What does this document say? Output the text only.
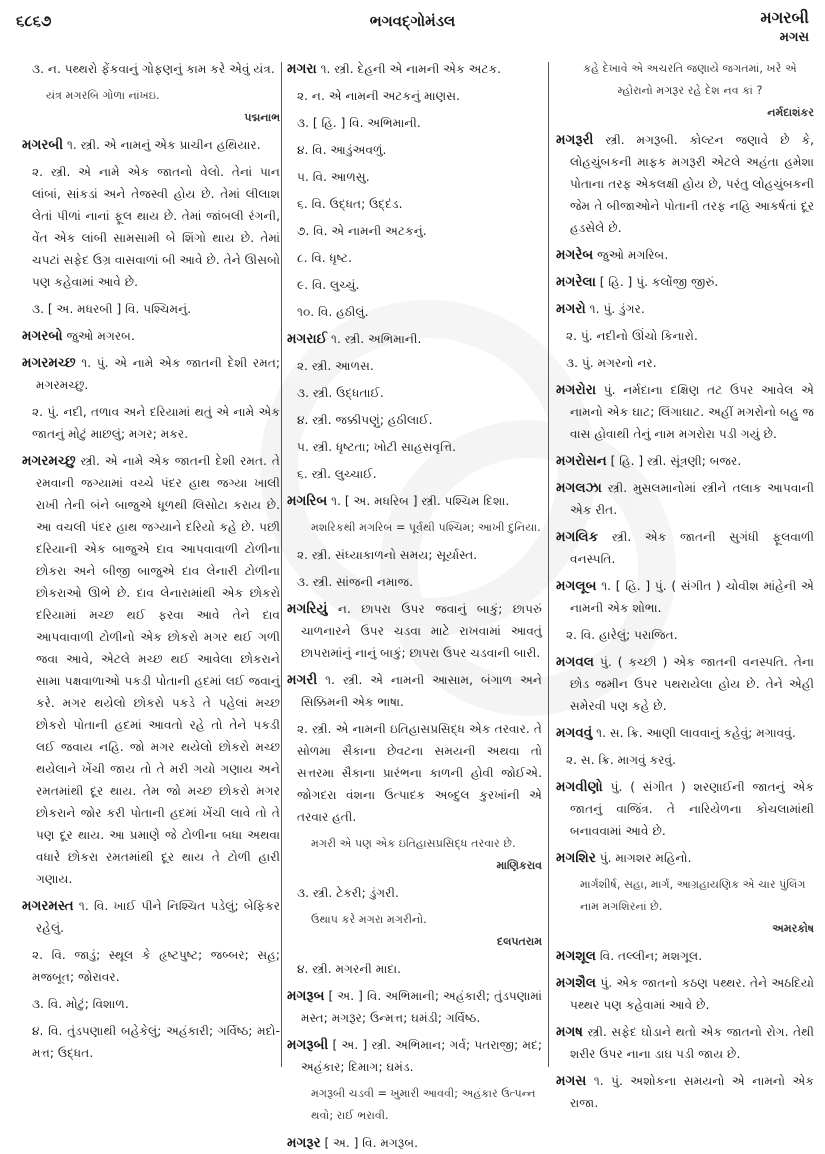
૬૮૬૭	ભગવદ્ગોમંડલ	મગરબી
મગસ
૩. ન. પથ્થરો ફેંકવાનું ગોફણનું કામ કરે એવું યંત્ર.
યંત્ર મગરબિ ગોળા નાંખઇ.
પદ્મનાભ
મગરબી ૧. સ્ત્રી. એ નામનું એક પ્રાચીન હથિયાર.
૨. સ્ત્રી. એ નામે એક જાતનો વેલો. તેનાં પાન લાંબાં, સાંકડાં અને તેજસ્વી હોય છે. તેમાં લીલાશ લેતાં પીળાં નાનાં ફૂલ થાય છે. તેમાં જાંબલી રંગની, વેંત એક લાંબી સામસામી બે શિંગો થાય છે. તેમાં ચપટાં સફેદ ઉગ્ર વાસવાળાં બી આવે છે. તેને ઊસબો પણ કહેવામાં આવે છે.
૩. [ અ. મધરબી ] વિ. પશ્ચિમનું.
મગરબો જુઓ મગરબ.
મગરમચ્છ ૧. પું. એ નામે એક જાતની દેશી રમત; મગરમચ્છુ.
૨. પું. નદી, તળાવ અને દરિયામાં થતું એ નામે એક જાતનું મોટું માછલું; મગર; મકર.
મગરમચ્છુ સ્ત્રી. એ નામે એક જાતની દેશી રમત. તે રમવાની જગ્યામાં વચ્ચે પંદર હાથ જગ્યા ખાલી રાખી તેની બંને બાજુએ ધૂળથી લિસોટા કરાય છે. આ વચલી પંદર હાથ જગ્યાને દરિયો કહે છે. પછી દરિયાની એક બાજુએ દાવ આપવાવાળી ટોળીના છોકરા અને બીજી બાજુએ દાવ લેનારી ટોળીના છોકરાઓ ઊભે છે. દાવ લેનારામાંથી એક છોકરો દરિયામાં મચ્છ થઈ ફરવા આવે તેને દાવ આપવાવાળી ટોળીનો એક છોકરો મગર થઈ ગળી જવા આવે, એટલે મચ્છ થઈ આવેલા છોકરાને સામા પક્ષવાળાઓ પકડી પોતાની હદમાં લઈ જવાનું કરે. મગર થયેલો છોકરો પકડે તે પહેલાં મચ્છ છોકરો પોતાની હદમાં આવતો રહે તો તેને પકડી લઈ જવાય નહિ. જો મગર થયેલો છોકરો મચ્છ થયેલાને ખેંચી જાય તો તે મરી ગયો ગણાય અને રમતમાંથી દૂર થાય. તેમ જો મચ્છ છોકરો મગર છોકરાને જોર કરી પોતાની હદમાં ખેંચી લાવે તો તે પણ દૂર થાય. આ પ્રમાણે જે ટોળીના બધા અથવા વધારે છોકરા રમતમાંથી દૂર થાય તે ટોળી હારી ગણાય.
મગરમસ્ત ૧. વિ. ખાઈ પીને નિશ્ચિત પડેલું; બેફિકર રહેલું.
૨. વિ. જાડું; સ્થૂલ કે હૃષ્ટપુષ્ટ; જબ્બર; સહ઼; મજબૂત; જોરાવર.
૩. વિ. મોટું; વિશાળ.
૪. વિ. તુંડપણાથી બહેકેલું; અહંકારી; ગર્વિષ્ઠ; મદો-મત્ત; ઉદ્ધત.
મગરા ૧. સ્ત્રી. દેહની એ નામની એક અટક.
૨. ન. એ નામની અટકનું માણસ.
૩. [ હિ. ] વિ. અભિમાની.
૪. વિ. આડુંઅવળું.
૫. વિ. આળસુ.
૬. વિ. ઉદ્ધત; ઉદ્દંડ.
૭. વિ. એ નામની અટકનું.
૮. વિ. ધૃષ્ટ.
૯. વિ. લુચ્ચું.
૧૦. વિ. હઠીલું.
મગરાઈ ૧. સ્ત્રી. અભિમાની.
૨. સ્ત્રી. આળસ.
૩. સ્ત્રી. ઉદ્ધતાઈ.
૪. સ્ત્રી. જક્કીપણું; હઠીલાઈ.
૫. સ્ત્રી. ધૃષ્ટતા; ખોટી સાહસવૃત્તિ.
૬. સ્ત્રી. લુચ્ચાઈ.
મગરિબ ૧. [ અ. મધરિબ ] સ્ત્રી. પશ્ચિમ દિશા.
મશરિકથી મગરિબ = પૂર્વથી પશ્ચિમ; આખી દુનિયા.
૨. સ્ત્રી. સંધ્યાકાળનો સમય; સૂર્યાસ્ત.
૩. સ્ત્રી. સાંજની નમાજ.
મગરિયું ન. છાપરા ઉપર જવાનું બાકું; છાપરું ચાળનારને ઉપર ચડવા માટે રાખવામાં આવતું છાપરામાંનું નાનું બાકું; છાપરા ઉપર ચડવાની બારી.
મગરી ૧. સ્ત્રી. એ નામની આસામ, બંગાળ અને સિક્કિમની એક ભાષા.
૨. સ્ત્રી. એ નામની ઇતિહાસપ્રસિદ્ધ એક તરવાર. તે સોળમા સૈકાના છેવટના સમયની અથવા તો સત્તરમા સૈકાના પ્રારંભના કાળની હોવી જોઈએ. જોગદરા વંશના ઉત્પાદક અબ્દુલ કુરખાંની એ તરવાર હતી.
મગરી એ પણ એક ઇતિહાસપ્રસિદ્ધ તરવાર છે.
માણિકરાવ
૩. સ્ત્રી. ટેકરી; ડુંગરી.
ઉથાપ કરે મગરા મગરીનો.
દલપતરામ
૪. સ્ત્રી. મગરની માદા.
મગરૂબ [ અ. ] વિ. અભિમાની; અહંકારી; તુંડપણામાં મસ્ત; મગરૂર; ઉન્મત્ત; ઘમંડી; ગર્વિષ્ઠ.
મગરૂબી [ અ. ] સ્ત્રી. અભિમાન; ગર્વ; પતરાજી; મદ; અહંકાર; દિમાગ; ઘમંડ.
મગરૂબી ચડવી = ખુમારી આવવી; અહંકાર ઉત્પન્ન થવો; રાઈ ભરાવી.
મગરૂર [ અ. ] વિ. મગરૂબ.
કહે દેખાવે એ અચરતિ જણાયે જગતમાં, ખરે એ મ્હોરાનો મગરૂર રહે દેશ નવ કાં ?
નર્મદાશંકર
મગરૂરી સ્ત્રી. મગરૂબી. કોલ્ટન જણાવે છે કે, લોહચુંબકની માફક મગરૂરી એટલે અહંતા હમેશા પોતાના તરફ એકલક્ષી હોય છે, પરંતુ લોહચુંબકની જેમ તે બીજાઓને પોતાની તરફ નહિ આકર્ષતાં દૂર હડસેલે છે.
મગરેબ જુઓ મગરિબ.
મગરેલા [ હિ. ] પું. કલોંજી જીરું.
મગરો ૧. પું. ડુંગર.
૨. પું. નદીનો ઊંચો કિનારો.
૩. પું. મગરનો નર.
મગરોરા પું. નર્મદાના દક્ષિણ તટ ઉપર આવેલ એ નામનો એક ઘાટ; લિંગાઘાટ. અહીં મગરોનો બહુ જ વાસ હોવાથી તેનું નામ મગરોરા પડી ગયું છે.
મગરોસન [ હિ. ] સ્ત્રી. સૂંત્રણી; બજર.
મગલઝા સ્ત્રી. મુસલમાનોમાં સ્ત્રીને તલાક આપવાની એક રીત.
મગલિક સ્ત્રી. એક જાતની સુગંધી ફૂલવાળી વનસ્પતિ.
મગલૂબ ૧. [ હિ. ] પું. ( સંગીત ) ચોવીશ માંહેની એ નામની એક શોભા.
૨. વિ. હારેલું; પરાજિત.
મગવલ પું. ( કચ્છી ) એક જાતની વનસ્પતિ. તેના છોડ જમીન ઉપર પથરાયેલા હોય છે. તેને એહી સમેરવી પણ કહે છે.
મગવવું ૧. સ. ક્રિ. આણી લાવવાનું કહેવું; મગાવવું.
૨. સ. ક્રિ. માગવું કરવું.
મગવીણો પું. ( સંગીત ) શરણાઈની જાતનું એક જાતનું વાજિંત્ર. તે નારિયેળના કોચલામાંથી બનાવવામાં આવે છે.
મગશિર પું. માગશર મહિનો.
માર્ગશીર્ષ, સહા, માર્ગ, આગ્રહાયણિક એ ચાર પુંલિંગ નામ મગશિરનાં છે.
અમરકોષ
મગશૂલ વિ. તલ્લીન; મશગૂલ.
મગશૈલ પું. એક જાતનો કઠણ પથ્થર. તેને અઠદિયો પથ્થર પણ કહેવામાં આવે છે.
મગષ સ્ત્રી. સફેદ ઘોડાને થતો એક જાતનો રોગ. તેથી શરીર ઉપર નાના ડાઘ પડી જાય છે.
મગસ ૧. પું. અશોકના સમયનો એ નામનો એક રાજા.
